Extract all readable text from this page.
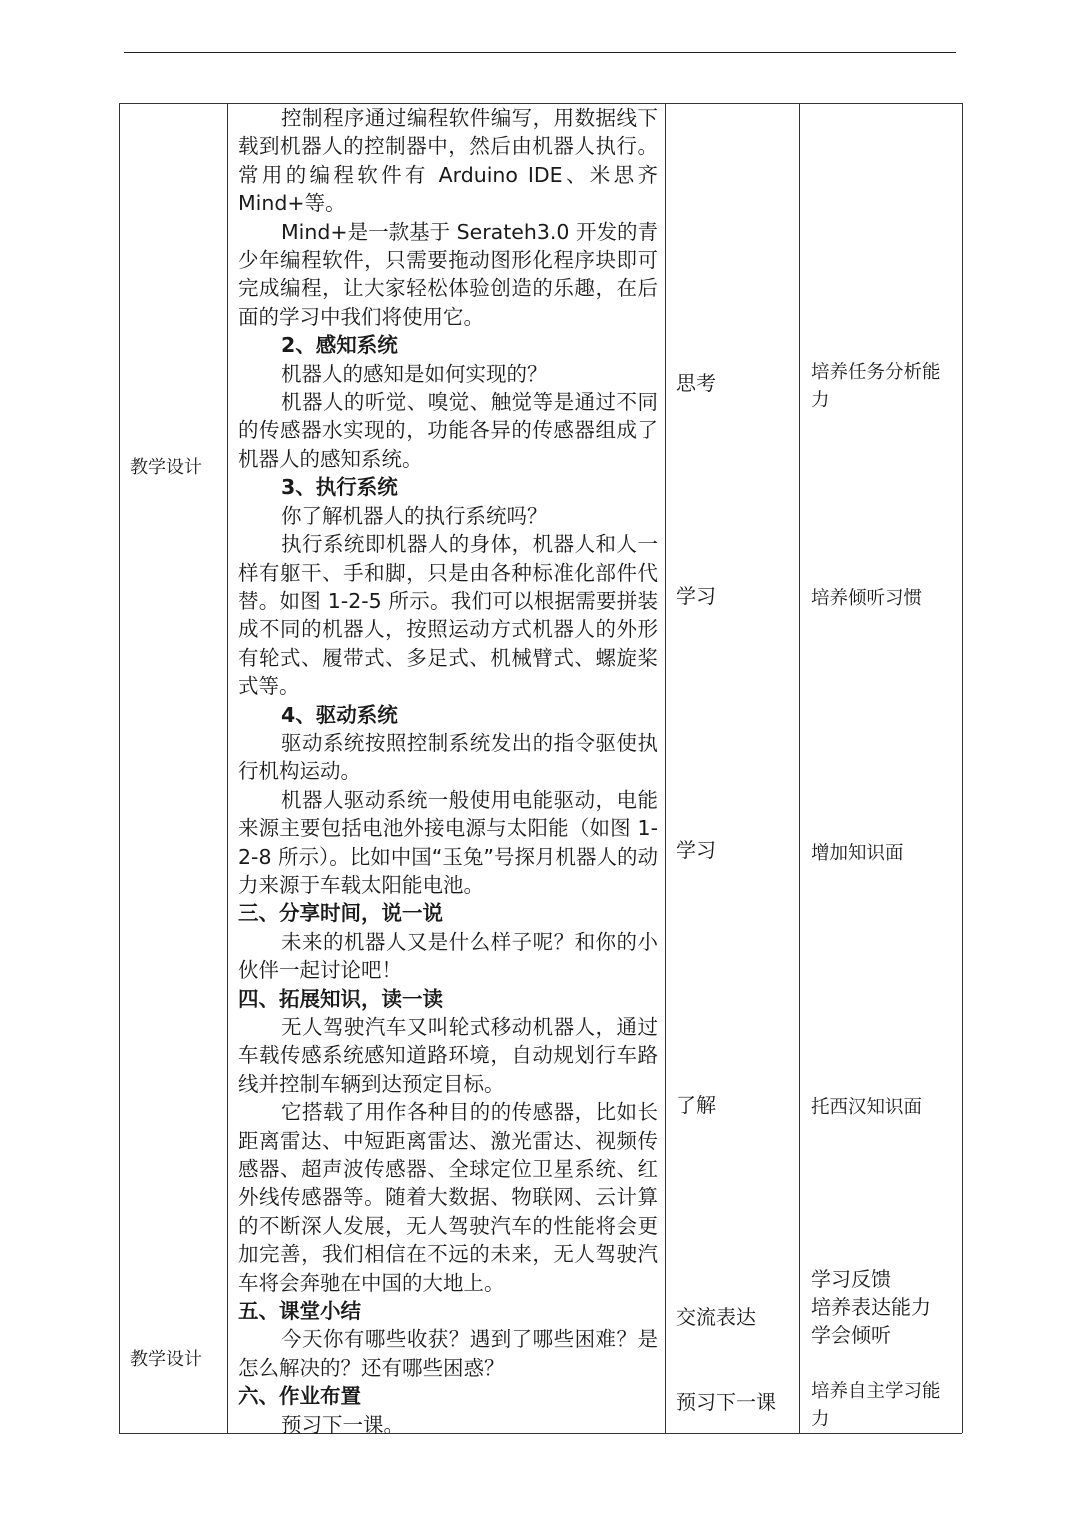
教学设计
教学设计

控制程序通过编程软件编写，用数据线下载到机器人的控制器中，然后由机器人执行。常用的编程软件有 Arduino IDE、米思齐 Mind+等。

Mind+是一款基于 Serateh3.0 开发的青少年编程软件，只需要拖动图形化程序块即可完成编程，让大家轻松体验创造的乐趣，在后面的学习中我们将使用它。

2、感知系统

机器人的感知是如何实现的？

机器人的听觉、嗅觉、触觉等是通过不同的传感器水实现的，功能各异的传感器组成了机器人的感知系统。

3、执行系统

你了解机器人的执行系统吗？

执行系统即机器人的身体，机器人和人一样有躯干、手和脚，只是由各种标准化部件代替。如图 1-2-5 所示。我们可以根据需要拼装成不同的机器人，按照运动方式机器人的外形有轮式、履带式、多足式、机械臂式、螺旋桨式等。

4、驱动系统

驱动系统按照控制系统发出的指令驱使执行机构运动。

机器人驱动系统一般使用电能驱动，电能来源主要包括电池外接电源与太阳能（如图 1-2-8 所示）。比如中国“玉兔”号探月机器人的动力来源于车载太阳能电池。

三、分享时间，说一说

未来的机器人又是什么样子呢？和你的小伙伴一起讨论吧！

四、拓展知识，读一读

无人驾驶汽车又叫轮式移动机器人，通过车载传感系统感知道路环境，自动规划行车路线并控制车辆到达预定目标。

它搭载了用作各种目的的传感器，比如长距离雷达、中短距离雷达、激光雷达、视频传感器、超声波传感器、全球定位卫星系统、红外线传感器等。随着大数据、物联网、云计算的不断深人发展，无人驾驶汽车的性能将会更加完善，我们相信在不远的未来，无人驾驶汽车将会奔驰在中国的大地上。

五、课堂小结

今天你有哪些收获？遇到了哪些困难？是怎么解决的？还有哪些困惑？

六、作业布置

预习下一课。

思考
学习
学习
了解
交流表达
预习下一课
培养任务分析能力
培养倾听习惯
增加知识面
托西汉知识面
学习反馈
培养表达能力
学会倾听
培养自主学习能力
